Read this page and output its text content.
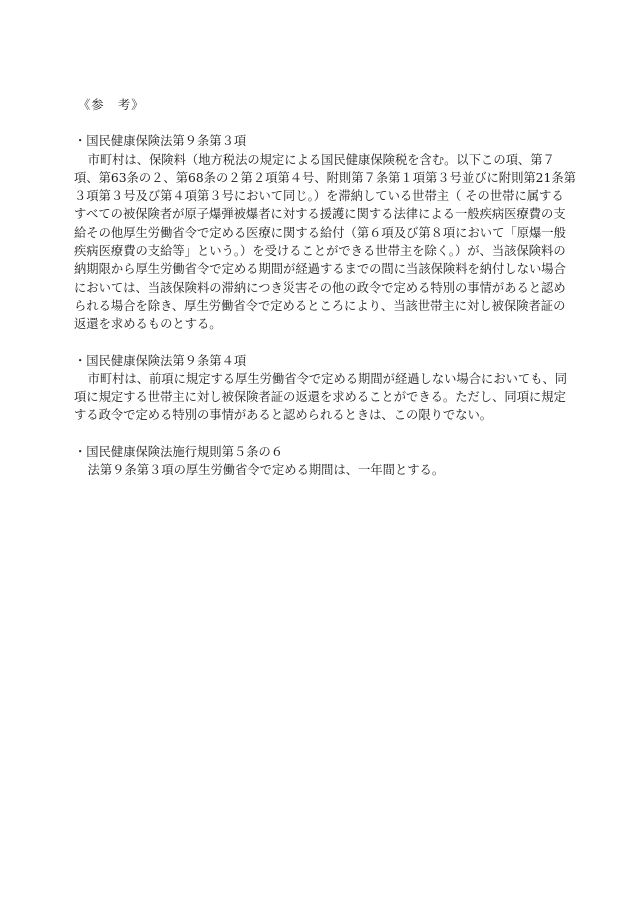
《参　考》

・国民健康保険法第９条第３項

市町村は、保険料（地方税法の規定による国民健康保険税を含む。以下この項、第７
項、第63条の２、第68条の２第２項第４号、附則第７条第１項第３号並びに附則第21条第
３項第３号及び第４項第３号において同じ。）を滞納している世帯主（ その世帯に属する
すべての被保険者が原子爆弾被爆者に対する援護に関する法律による一般疾病医療費の支
給その他厚生労働省令で定める医療に関する給付（第６項及び第８項において「原爆一般
疾病医療費の支給等」という。）を受けることができる世帯主を除く。）が、当該保険料の
納期限から厚生労働省令で定める期間が経過するまでの間に当該保険料を納付しない場合
においては、当該保険料の滞納につき災害その他の政令で定める特別の事情があると認め
られる場合を除き、厚生労働省令で定めるところにより、当該世帯主に対し被保険者証の
返還を求めるものとする。

・国民健康保険法第９条第４項

市町村は、前項に規定する厚生労働省令で定める期間が経過しない場合においても、同
項に規定する世帯主に対し被保険者証の返還を求めることができる。ただし、同項に規定
する政令で定める特別の事情があると認められるときは、この限りでない。

・国民健康保険法施行規則第５条の６

法第９条第３項の厚生労働省令で定める期間は、一年間とする。
